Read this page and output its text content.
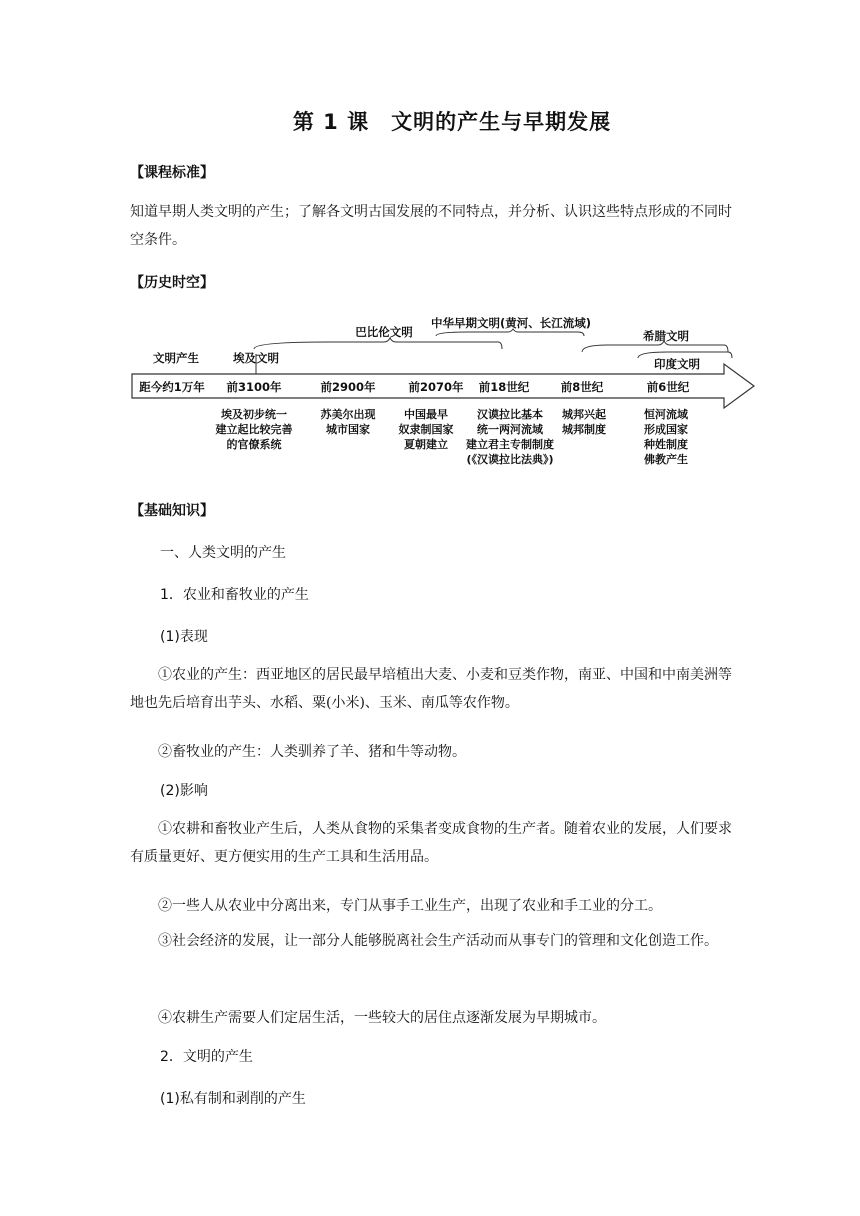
第 1 课 文明的产生与早期发展
【课程标准】
知道早期人类文明的产生；了解各文明古国发展的不同特点，并分析、认识这些特点形成的不同时空条件。
【历史时空】
文明产生	埃及文明
巴比伦文明
中华早期文明(黄河、长江流域)
希腊文明
印度文明
距今约1万年 前3100年	前2900年	前2070年 前18世纪	前8世纪	前6世纪
埃及初步统一
建立起比较完善
的官僚系统
苏美尔出现
城市国家
中国最早
奴隶制国家
夏朝建立
汉谟拉比基本
统一两河流域
建立君主专制制度
(《汉谟拉比法典》)
城邦兴起
城邦制度
恒河流域
形成国家
种姓制度
佛教产生
【基础知识】
一、人类文明的产生
1．农业和畜牧业的产生
(1)表现
①农业的产生：西亚地区的居民最早培植出大麦、小麦和豆类作物，南亚、中国和中南美洲等地也先后培育出芋头、水稻、粟(小米)、玉米、南瓜等农作物。
②畜牧业的产生：人类驯养了羊、猪和牛等动物。
(2)影响
①农耕和畜牧业产生后，人类从食物的采集者变成食物的生产者。随着农业的发展，人们要求有质量更好、更方便实用的生产工具和生活用品。
②一些人从农业中分离出来，专门从事手工业生产，出现了农业和手工业的分工。
③社会经济的发展，让一部分人能够脱离社会生产活动而从事专门的管理和文化创造工作。
④农耕生产需要人们定居生活，一些较大的居住点逐渐发展为早期城市。
2．文明的产生
(1)私有制和剥削的产生
